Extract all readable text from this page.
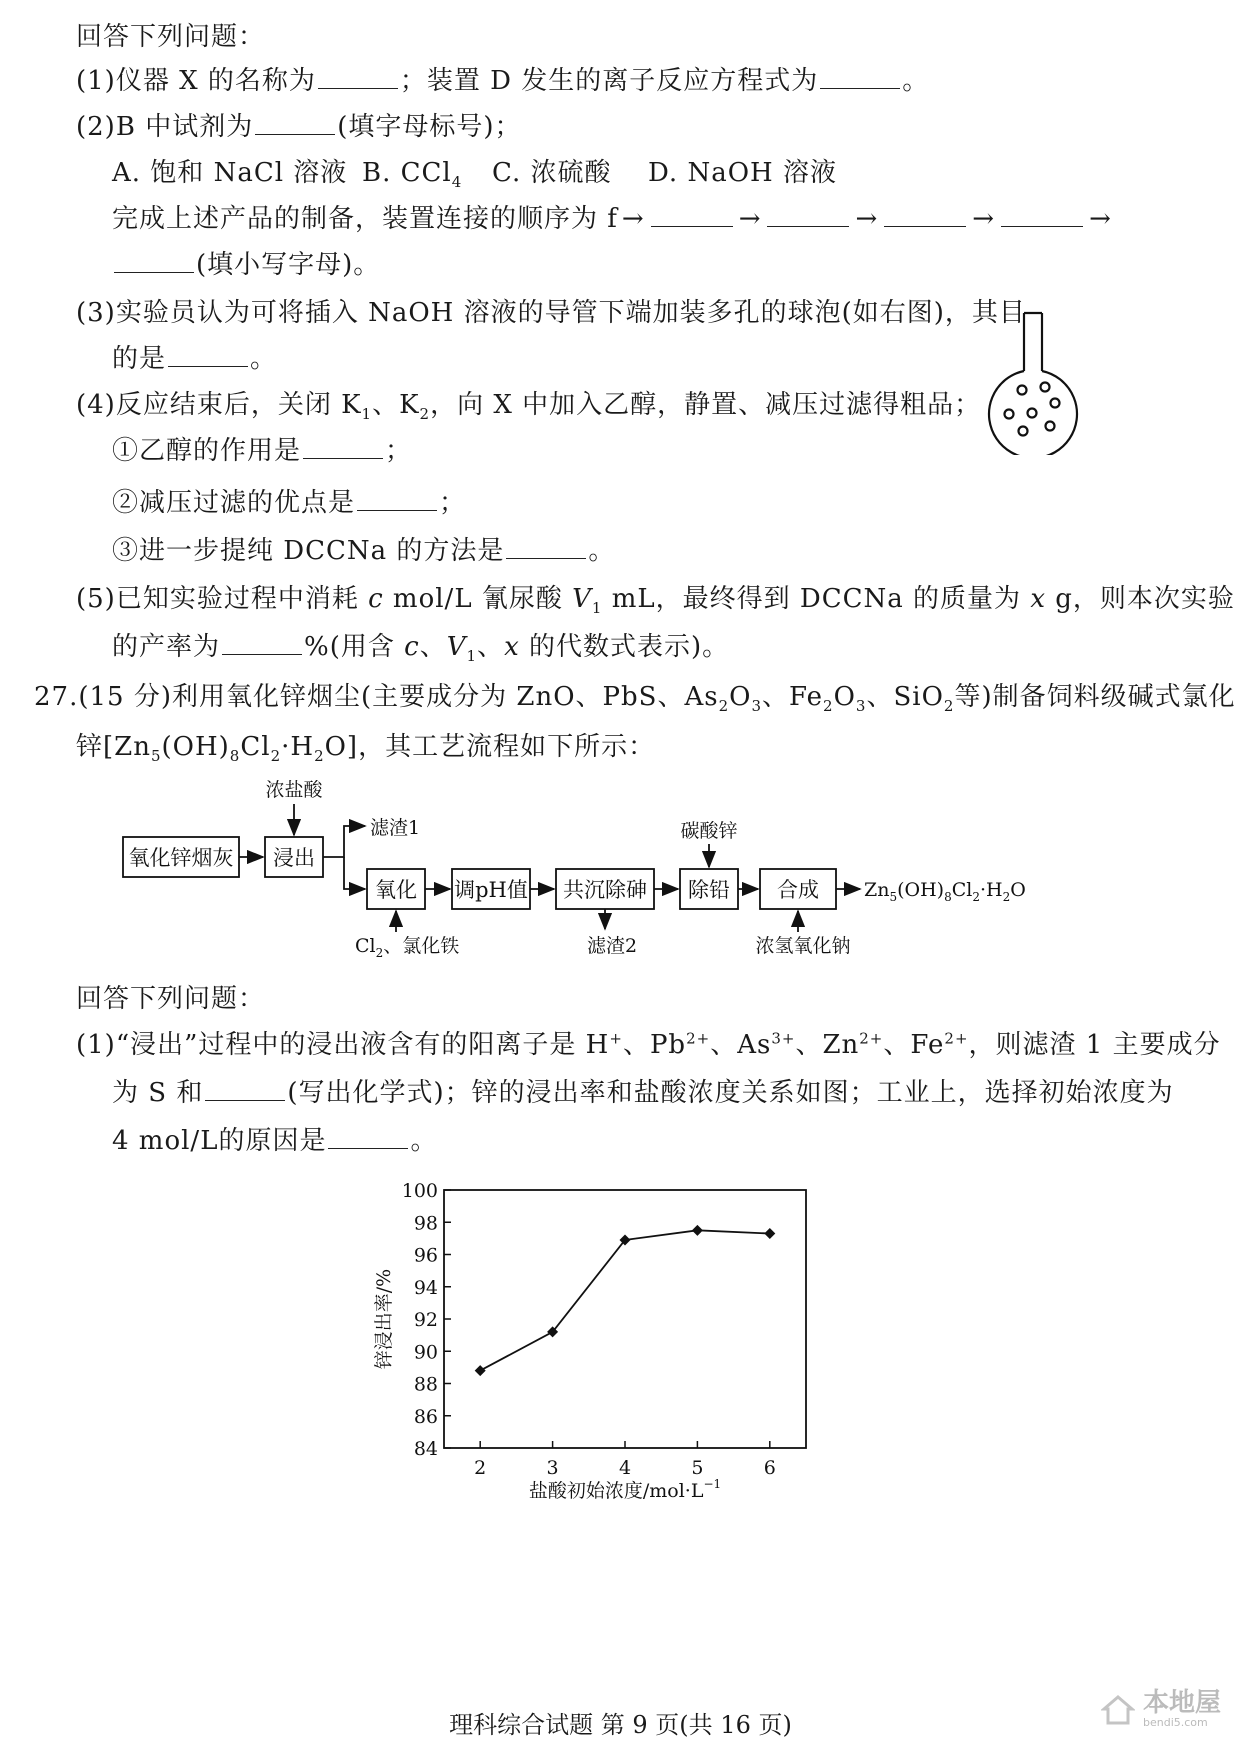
回答下列问题：
(1)仪器 X 的名称为	；装置 D 发生的离子反应方程式为	。
(2)B 中试剂为	(填字母标号)；
A. 饱和 NaCl 溶液 B. CCl$_4$ C. 浓硫酸 D. NaOH 溶液
完成上述产品的制备，装置连接的顺序为 f →	→	→	→	→
(填小写字母)。
(3)实验员认为可将插入 NaOH 溶液的导管下端加装多孔的球泡(如右图)，其目
的是	。
(4)反应结束后，关闭 $K_1$、$K_2$，向 X 中加入乙醇，静置、减压过滤得粗品；
①乙醇的作用是	；
②减压过滤的优点是	；
③进一步提纯 DCCNa 的方法是	。
(5)已知实验过程中消耗 c mol/L 氰尿酸 $V_1$ mL，最终得到 DCCNa 的质量为 x g，则本次实验
的产率为	%(用含 c、$V_1$、x 的代数式表示)。
27.(15 分)利用氧化锌烟尘(主要成分为 ZnO、PbS、$As_2O_3$、$Fe_2O_3$、SiO$_2$等)制备饲料级碱式氯化
锌$[Zn_5(OH)_8Cl_2\cdot H_2O]$，其工艺流程如下所示：
氧化锌烟灰 浸出
浓盐酸
滤渣1
氧化
$Cl_2$、氯化铁
调pH值 共沉除砷
滤渣2
除铅
碳酸锌
合成
浓氢氧化钠
$Zn_5(OH)_8Cl_2\cdot H_2O$
回答下列问题：
(1)“浸出”过程中的浸出液含有的阳离子是 H+、$Pb^{2+}$、$As^{3+}$、$Zn^{2+}$、$Fe^{2+}$，则滤渣 1 主要成分
为 S 和	(写出化学式)；锌的浸出率和盐酸浓度关系如图；工业上，选择初始浓度为
4 mol/L的原因是	。
84
86
88
90
92
94
96
98
100
2	3	4	5	6
锌浸出率/%
盐酸初始浓度$/mol\cdot L^{-1}$
理科综合试题 第 9 页(共 16 页)
本地屋
bendi5.com
